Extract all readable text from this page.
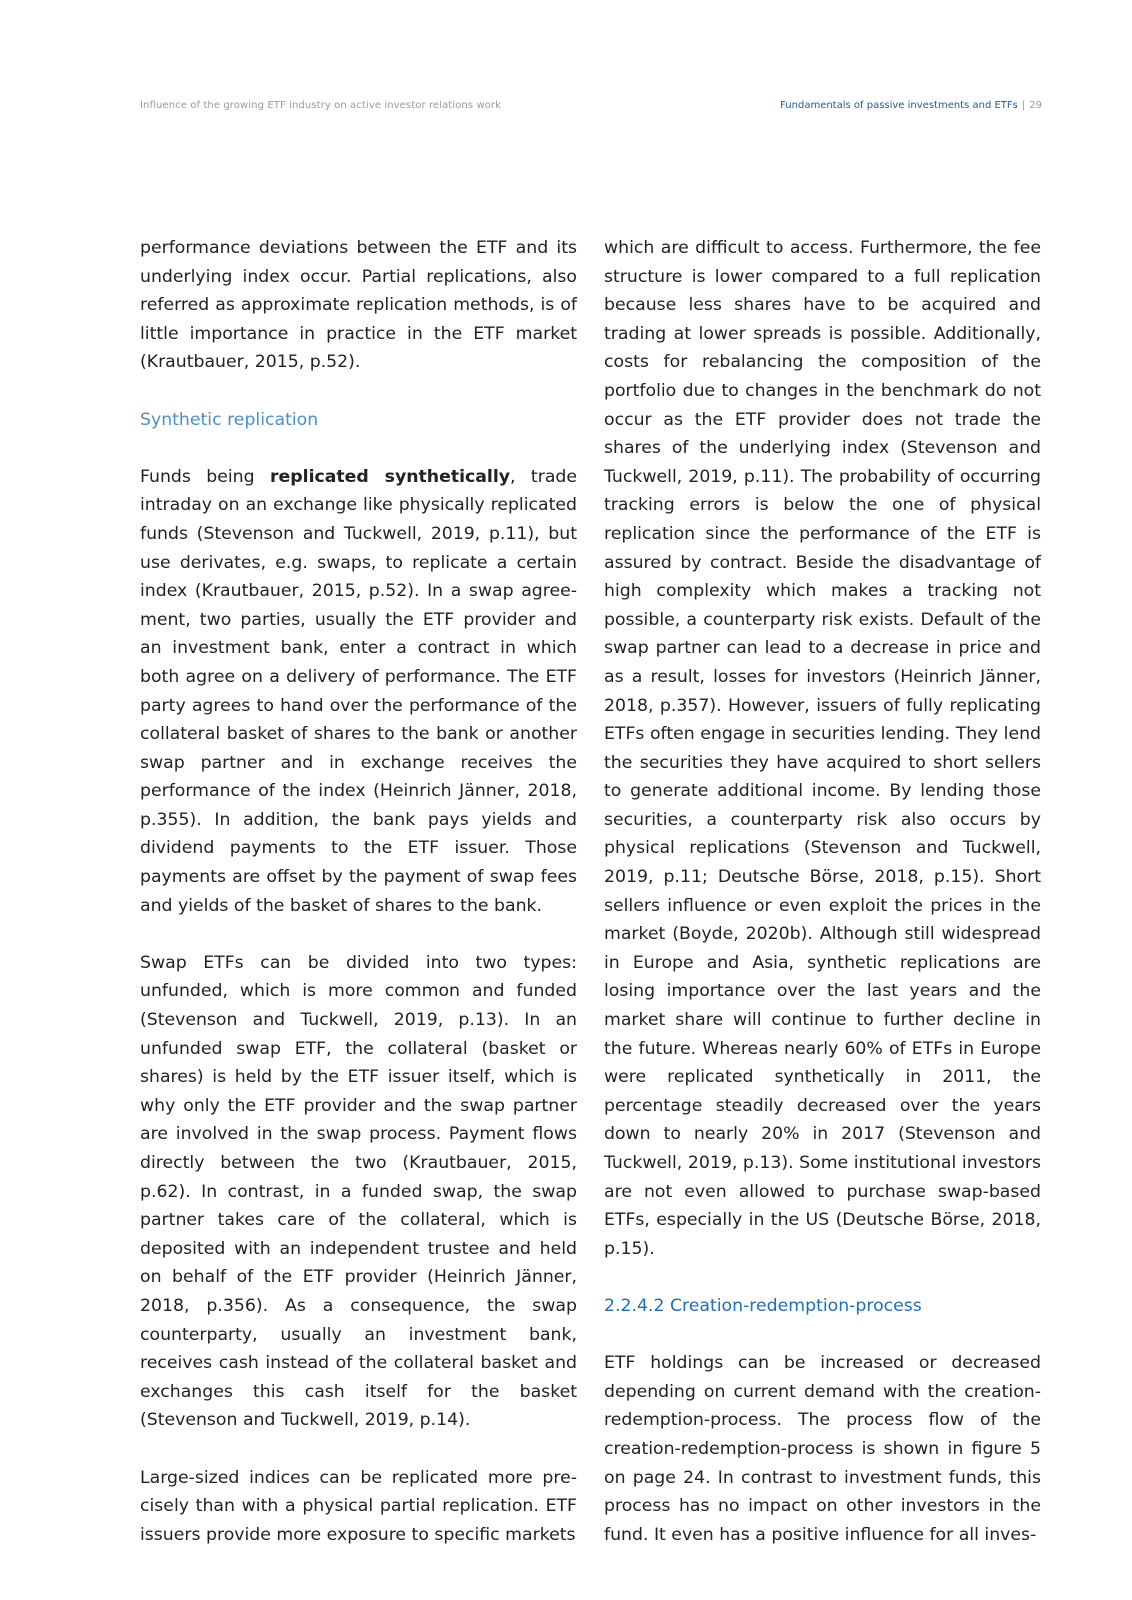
Influence of the growing ETF industry on active investor relations work	Fundamentals of passive investments and ETFs | 29

performance deviations between the ETF and its underlying index occur. Partial replications, also referred as approximate replication methods, is of little importance in practice in the ETF market (Krautbauer, 2015, p.52).

Synthetic replication

Funds being replicated synthetically, trade intraday on an exchange like physically replicated funds (Stevenson and Tuckwell, 2019, p.11), but use derivates, e.g. swaps, to replicate a certain index (Krautbauer, 2015, p.52). In a swap agreement, two parties, usually the ETF provider and an investment bank, enter a contract in which both agree on a delivery of performance. The ETF party agrees to hand over the performance of the collateral basket of shares to the bank or another swap partner and in exchange receives the performance of the index (Heinrich Jänner, 2018, p.355). In addition, the bank pays yields and dividend payments to the ETF issuer. Those payments are offset by the payment of swap fees and yields of the basket of shares to the bank.

Swap ETFs can be divided into two types: unfunded, which is more common and funded (Stevenson and Tuckwell, 2019, p.13). In an unfunded swap ETF, the collateral (basket or shares) is held by the ETF issuer itself, which is why only the ETF provider and the swap partner are involved in the swap process. Payment flows directly between the two (Krautbauer, 2015, p.62). In contrast, in a funded swap, the swap partner takes care of the collateral, which is deposited with an independent trustee and held on behalf of the ETF provider (Heinrich Jänner, 2018, p.356). As a consequence, the swap counterparty, usually an investment bank, receives cash instead of the collateral basket and exchanges this cash itself for the basket (Stevenson and Tuckwell, 2019, p.14).

Large-sized indices can be replicated more precisely than with a physical partial replication. ETF issuers provide more exposure to specific markets

which are difficult to access. Furthermore, the fee structure is lower compared to a full replication because less shares have to be acquired and trading at lower spreads is possible. Additionally, costs for rebalancing the composition of the portfolio due to changes in the benchmark do not occur as the ETF provider does not trade the shares of the underlying index (Stevenson and Tuckwell, 2019, p.11). The probability of occurring tracking errors is below the one of physical replication since the performance of the ETF is assured by contract. Beside the disadvantage of high complexity which makes a tracking not possible, a counterparty risk exists. Default of the swap partner can lead to a decrease in price and as a result, losses for investors (Heinrich Jänner, 2018, p.357). However, issuers of fully replicating ETFs often engage in securities lending. They lend the securities they have acquired to short sellers to generate additional income. By lending those securities, a counterparty risk also occurs by physical replications (Stevenson and Tuckwell, 2019, p.11; Deutsche Börse, 2018, p.15). Short sellers influence or even exploit the prices in the market (Boyde, 2020b). Although still widespread in Europe and Asia, synthetic replications are losing importance over the last years and the market share will continue to further decline in the future. Whereas nearly 60% of ETFs in Europe were replicated synthetically in 2011, the percentage steadily decreased over the years down to nearly 20% in 2017 (Stevenson and Tuckwell, 2019, p.13). Some institutional investors are not even allowed to purchase swap-based ETFs, especially in the US (Deutsche Börse, 2018, p.15).

2.2.4.2 Creation-redemption-process

ETF holdings can be increased or decreased depending on current demand with the creation-redemption-process. The process flow of the creation-redemption-process is shown in figure 5 on page 24. In contrast to investment funds, this process has no impact on other investors in the fund. It even has a positive influence for all inves-
